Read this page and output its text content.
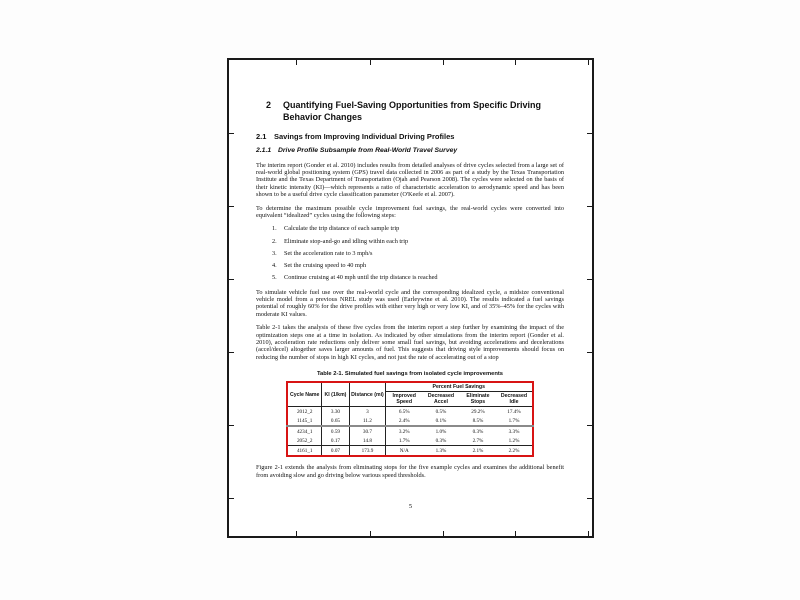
2	Quantifying Fuel-Saving Opportunities from Specific Driving Behavior Changes
2.1	Savings from Improving Individual Driving Profiles
2.1.1	Drive Profile Subsample from Real-World Travel Survey

The interim report (Gonder et al. 2010) includes results from detailed analyses of drive cycles selected from a large set of real-world global positioning system (GPS) travel data collected in 2006 as part of a study by the Texas Transportation Institute and the Texas Department of Transportation (Ojah and Pearson 2008). The cycles were selected on the basis of their kinetic intensity (KI)—which represents a ratio of characteristic acceleration to aerodynamic speed and has been shown to be a useful drive cycle classification parameter (O'Keefe et al. 2007).

To determine the maximum possible cycle improvement fuel savings, the real-world cycles were converted into equivalent “idealized” cycles using the following steps:

1.	Calculate the trip distance of each sample trip
2.	Eliminate stop-and-go and idling within each trip
3.	Set the acceleration rate to 3 mph/s
4.	Set the cruising speed to 40 mph
5.	Continue cruising at 40 mph until the trip distance is reached

To simulate vehicle fuel use over the real-world cycle and the corresponding idealized cycle, a midsize conventional vehicle model from a previous NREL study was used (Earleywine et al. 2010). The results indicated a fuel savings potential of roughly 60% for the drive profiles with either very high or very low KI, and of 35%–45% for the cycles with moderate KI values.

Table 2-1 takes the analysis of these five cycles from the interim report a step further by examining the impact of the optimization steps one at a time in isolation. As indicated by other simulations from the interim report (Gonder et al. 2010), acceleration rate reductions only deliver some small fuel savings, but avoiding accelerations and decelerations (accel/decel) altogether saves larger amounts of fuel. This suggests that driving style improvements should focus on reducing the number of stops in high KI cycles, and not just the rate of accelerating out of a stop

Table 2-1. Simulated fuel savings from isolated cycle improvements
Cycle Name	KI (1/km)	Distance (mi)	Percent Fuel Savings			
			Improved Speed	Decreased Accel	Eliminate Stops	Decreased Idle
2012_2	3.30	3	6.5%	0.5%	29.2%	17.4%
1145_1	0.65	11.2	2.4%	0.1%	8.5%	1.7%
4234_1	0.59	30.7	3.2%	1.0%	0.3%	3.3%
2052_2	0.17	14.8	1.7%	0.3%	2.7%	1.2%
4161_1	0.07	173.9	N/A	1.3%	2.1%	2.2%

Figure 2-1 extends the analysis from eliminating stops for the five example cycles and examines the additional benefit from avoiding slow and go driving below various speed thresholds.

5
